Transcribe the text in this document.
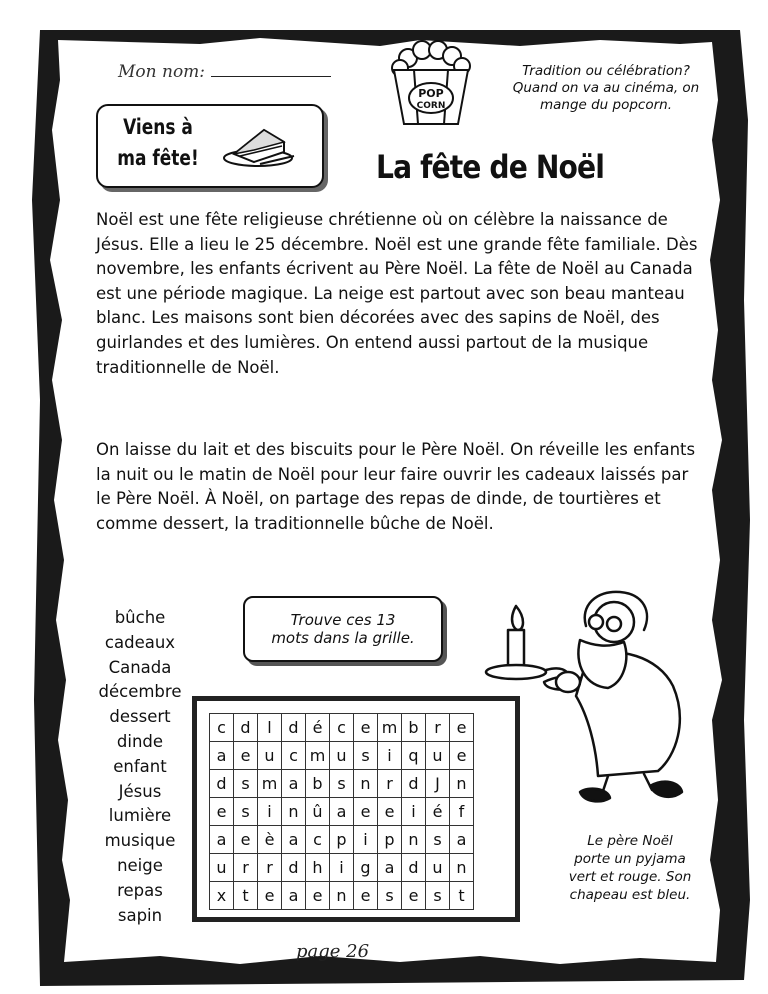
Mon nom:
POP
CORN
Tradition ou célébration?
Quand on va au cinéma, on
mange du popcorn.
Viens à
ma fête!	La fête de Noël

Noël est une fête religieuse chrétienne où on célèbre la naissance de Jésus. Elle a lieu le 25 décembre. Noël est une grande fête familiale. Dès novembre, les enfants écrivent au Père Noël. La fête de Noël au Canada est une période magique. La neige est partout avec son beau manteau blanc. Les maisons sont bien décorées avec des sapins de Noël, des guirlandes et des lumières. On entend aussi partout de la musique traditionnelle de Noël.

On laisse du lait et des biscuits pour le Père Noël. On réveille les enfants la nuit ou le matin de Noël pour leur faire ouvrir les cadeaux laissés par le Père Noël. À Noël, on partage des repas de dinde, de tourtières et comme dessert, la traditionnelle bûche de Noël.

bûche
cadeaux
Canada
décembre
dessert
dinde
enfant
Jésus
lumière
musique
neige
repas
sapin
Trouve ces 13
mots dans la grille.
c	d	l	d	é	c	e	m	b	r	e
a	e	u	c	m	u	s	i	q	u	e
d	s	m	a	b	s	n	r	d	J	n
e	s	i	n	û	a	e	e	i	é	f
a	e	è	a	c	p	i	p	n	s	a
u	r	r	d	h	i	g	a	d	u	n
x	t	e	a	e	n	e	s	e	s	t
Le père Noël
porte un pyjama
vert et rouge. Son
chapeau est bleu.
page 26
